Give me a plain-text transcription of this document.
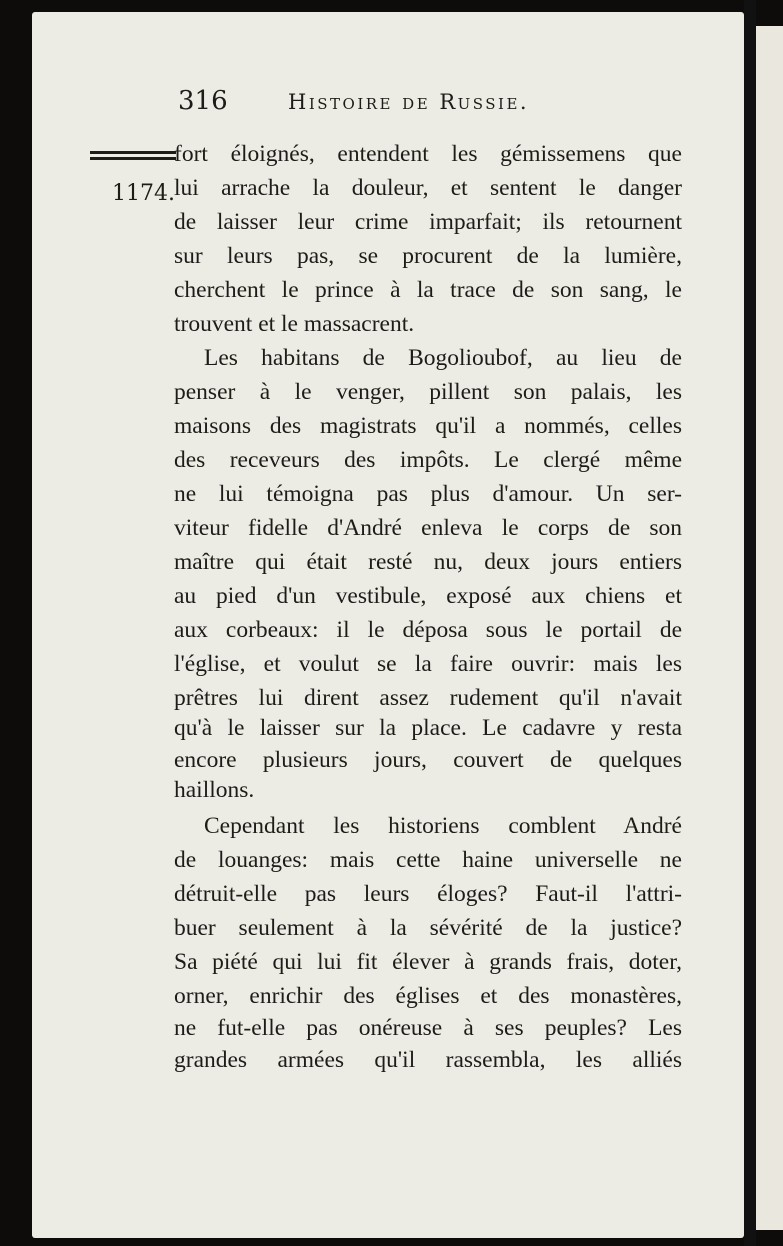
316	Histoire de Russie.
1174.
fort éloignés, entendent les gémissemens que
lui arrache la douleur, et sentent le danger
de laisser leur crime imparfait; ils retournent
sur leurs pas, se procurent de la lumière,
cherchent le prince à la trace de son sang, le
trouvent et le massacrent.
Les habitans de Bogolioubof, au lieu de
penser à le venger, pillent son palais, les
maisons des magistrats qu'il a nommés, celles
des receveurs des impôts. Le clergé même
ne lui témoigna pas plus d'amour. Un ser-
viteur fidelle d'André enleva le corps de son
maître qui était resté nu, deux jours entiers
au pied d'un vestibule, exposé aux chiens et
aux corbeaux: il le déposa sous le portail de
l'église, et voulut se la faire ouvrir: mais les
prêtres lui dirent assez rudement qu'il n'avait
qu'à le laisser sur la place. Le cadavre y resta
encore plusieurs jours, couvert de quelques
haillons.
Cependant les historiens comblent André
de louanges: mais cette haine universelle ne
détruit-elle pas leurs éloges? Faut-il l'attri-
buer seulement à la sévérité de la justice?
Sa piété qui lui fit élever à grands frais, doter,
orner, enrichir des églises et des monastères,
ne fut-elle pas onéreuse à ses peuples? Les
grandes armées qu'il rassembla, les alliés
